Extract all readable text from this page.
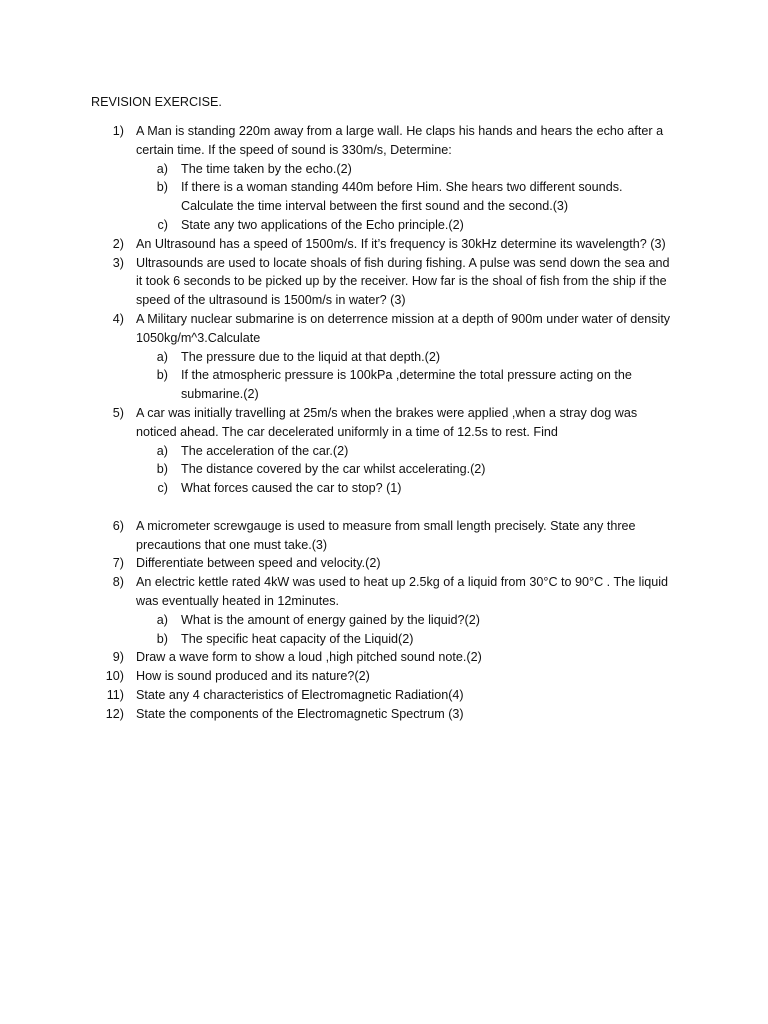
REVISION EXERCISE.
1) A Man is standing 220m away from a large wall. He claps his hands and hears the echo after a certain time. If the speed of sound is 330m/s, Determine:
a) The time taken by the echo.(2)
b) If there is a woman standing 440m before Him. She hears two different sounds. Calculate the time interval between the first sound and the second.(3)
c) State any two applications of the Echo principle.(2)
2) An Ultrasound has a speed of 1500m/s. If it’s frequency is 30kHz determine its wavelength? (3)
3) Ultrasounds are used to locate shoals of fish during fishing. A pulse was send down the sea and it took 6 seconds to be picked up by the receiver. How far is the shoal of fish from the ship if the speed of the ultrasound is 1500m/s in water? (3)
4) A Military nuclear submarine is on deterrence mission at a depth of 900m under water of density 1050kg/m^3.Calculate
a) The pressure due to the liquid at that depth.(2)
b) If the atmospheric pressure is 100kPa ,determine the total pressure acting on the submarine.(2)
5) A car was initially travelling at 25m/s when the brakes were applied ,when a stray dog was noticed ahead. The car decelerated uniformly in a time of 12.5s to rest. Find
a) The acceleration of the car.(2)
b) The distance covered by the car whilst accelerating.(2)
c) What forces caused the car to stop? (1)
6) A micrometer screwgauge is used to measure from small length precisely. State any three precautions that one must take.(3)
7) Differentiate between speed and velocity.(2)
8) An electric kettle rated 4kW was used to heat up 2.5kg of a liquid from 30°C to 90°C . The liquid was eventually heated in 12minutes.
a) What is the amount of energy gained by the liquid?(2)
b) The specific heat capacity of the Liquid(2)
9) Draw a wave form to show a loud ,high pitched sound note.(2)
10) How is sound produced and its nature?(2)
11) State any 4 characteristics of Electromagnetic Radiation(4)
12) State the components of the Electromagnetic Spectrum (3)
